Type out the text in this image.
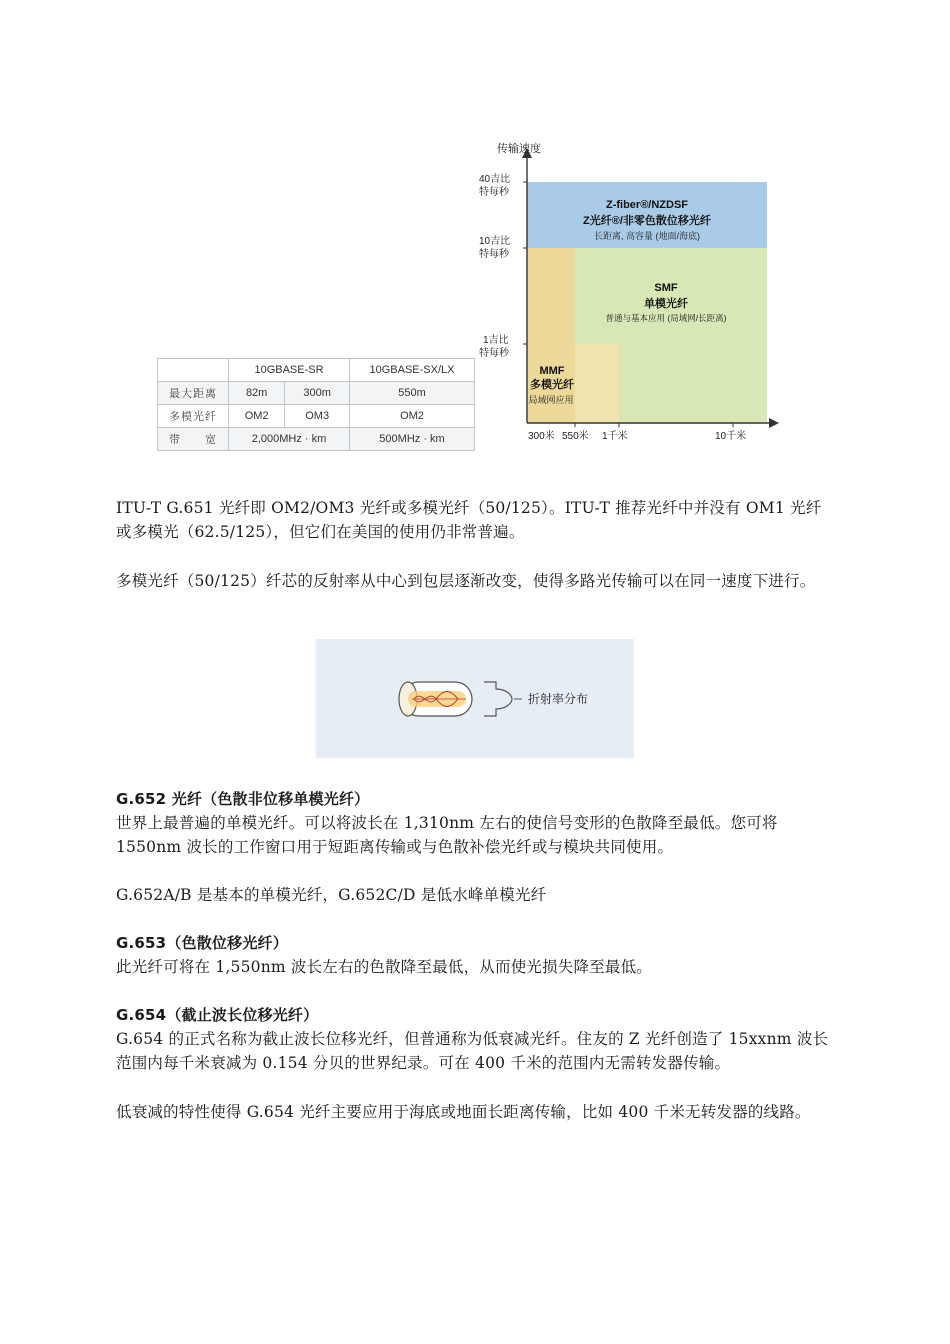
	10GBASE-SR		10GBASE-SX/LX
最大距离	82m	300m	550m
多模光纤	OM2	OM3	OM2
带　　宽	2,000MHz · km		500MHz · km
传输速度
40吉比
特每秒
10吉比
特每秒
1吉比
特每秒
300米 550米 1千米	10千米
Z-fiber®/NZDSF
Z光纤®/非零色散位移光纤
长距离, 高容量 (地面/海底)
SMF
单模光纤
普通与基本应用 (局域网/长距离)
MMF
多模光纤
局域网应用

ITU-T G.651 光纤即 OM2/OM3 光纤或多模光纤（50/125）。ITU-T 推荐光纤中并没有 OM1 光纤或多模光（62.5/125），但它们在美国的使用仍非常普遍。

多模光纤（50/125）纤芯的反射率从中心到包层逐渐改变，使得多路光传输可以在同一速度下进行。

折射率分布

G.652 光纤（色散非位移单模光纤）

世界上最普遍的单模光纤。可以将波长在 1,310nm 左右的使信号变形的色散降至最低。您可将 1550nm 波长的工作窗口用于短距离传输或与色散补偿光纤或与模块共同使用。

G.652A/B 是基本的单模光纤，G.652C/D 是低水峰单模光纤

G.653（色散位移光纤）

此光纤可将在 1,550nm 波长左右的色散降至最低，从而使光损失降至最低。

G.654（截止波长位移光纤）

G.654 的正式名称为截止波长位移光纤，但普通称为低衰减光纤。住友的 Z 光纤创造了 15xxnm 波长范围内每千米衰减为 0.154 分贝的世界纪录。可在 400 千米的范围内无需转发器传输。

低衰减的特性使得 G.654 光纤主要应用于海底或地面长距离传输，比如 400 千米无转发器的线路。
